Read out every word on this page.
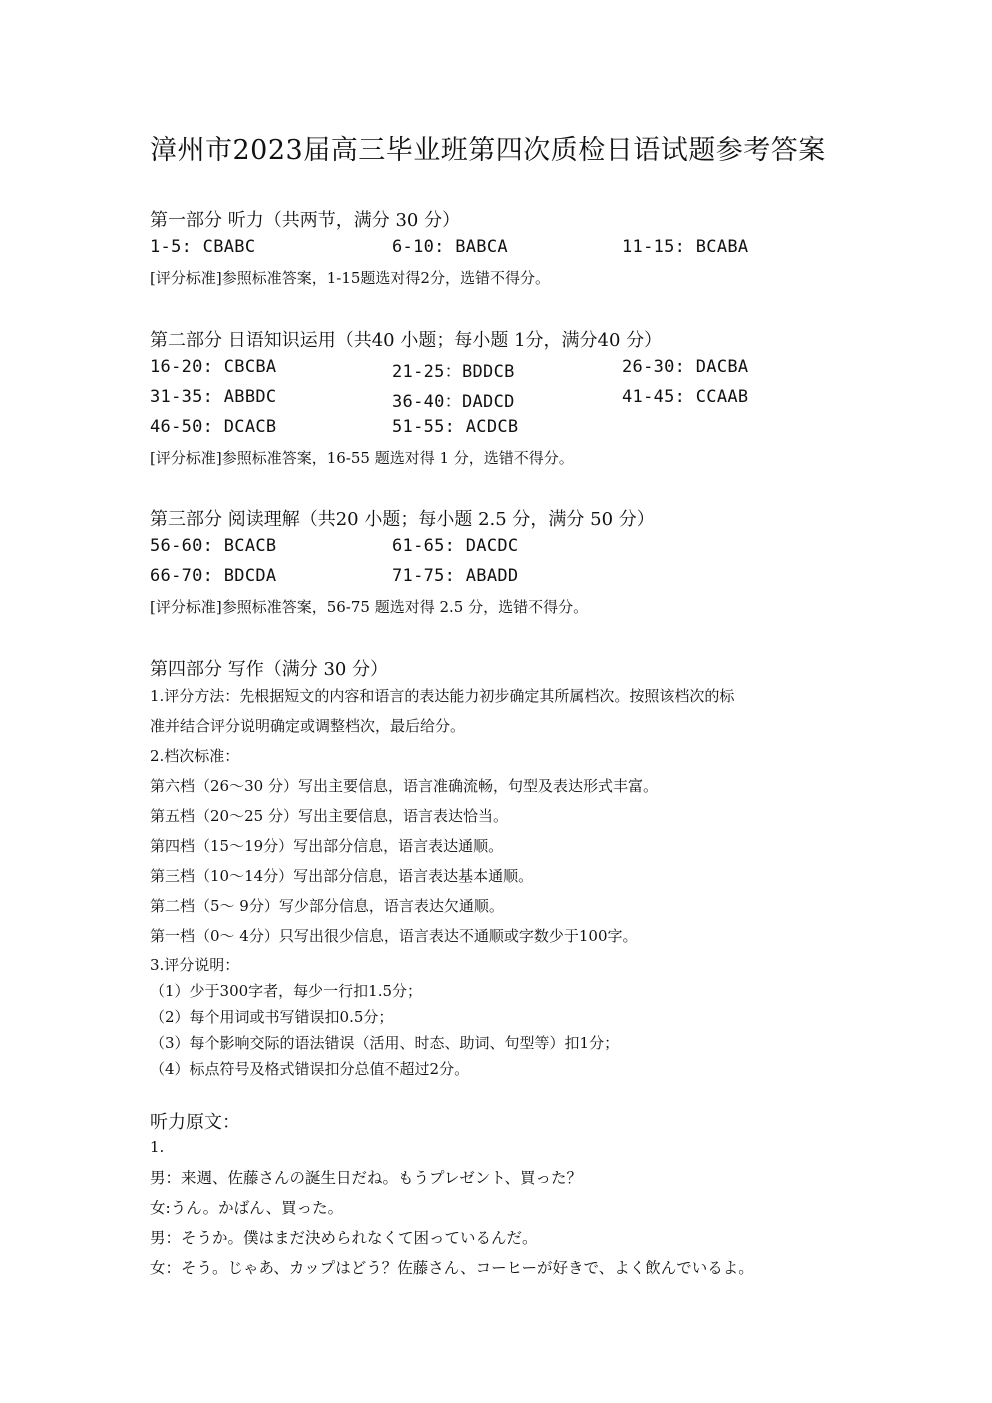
漳州市2023届高三毕业班第四次质检日语试题参考答案
第一部分 听力（共两节，满分 30 分）
1-5: CBABC	6-10: BABCA	11-15: BCABA
[评分标准]参照标准答案，1-15题选对得2分，选错不得分。
第二部分 日语知识运用（共40 小题；每小题 1分，满分40 分）
16-20: CBCBA	21-25：BDDCB	26-30: DACBA
31-35: ABBDC	36-40：DADCD	41-45: CCAAB
46-50: DCACB	51-55: ACDCB
[评分标准]参照标准答案，16-55 题选对得 1 分，选错不得分。
第三部分 阅读理解（共20 小题；每小题 2.5 分，满分 50 分）
56-60: BCACB	61-65: DACDC
66-70: BDCDA	71-75: ABADD
[评分标准]参照标准答案，56-75 题选对得 2.5 分，选错不得分。
第四部分 写作（满分 30 分）
1.评分方法：先根据短文的内容和语言的表达能力初步确定其所属档次。按照该档次的标
准并结合评分说明确定或调整档次，最后给分。
2.档次标准：
第六档（26～30 分）写出主要信息，语言准确流畅，句型及表达形式丰富。
第五档（20～25 分）写出主要信息，语言表达恰当。
第四档（15～19分）写出部分信息，语言表达通顺。
第三档（10～14分）写出部分信息，语言表达基本通顺。
第二档（5～ 9分）写少部分信息，语言表达欠通顺。
第一档（0～ 4分）只写出很少信息，语言表达不通顺或字数少于100字。
3.评分说明：
（1）少于300字者，每少一行扣1.5分；
（2）每个用词或书写错误扣0.5分；
（3）每个影响交际的语法错误（活用、时态、助词、句型等）扣1分；
（4）标点符号及格式错误扣分总值不超过2分。
听力原文：
1.
男：来週、佐藤さんの誕生日だね。もうプレゼント、買った？
女:うん。かばん、買った。
男：そうか。僕はまだ決められなくて困っているんだ。
女：そう。じゃあ、カップはどう？佐藤さん、コーヒーが好きで、よく飲んでいるよ。
